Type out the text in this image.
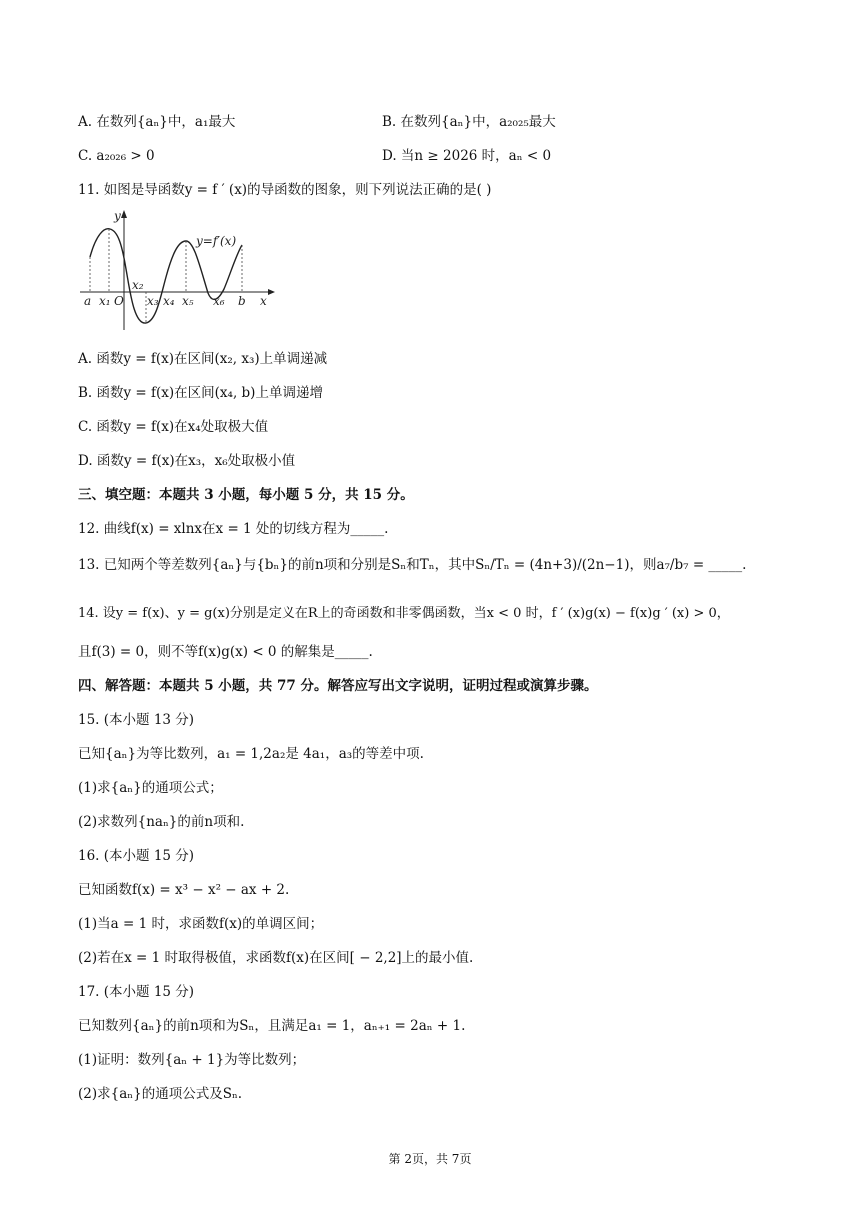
A. 在数列{aₙ}中，a₁最大	B. 在数列{aₙ}中，a₂₀₂₅最大
C. a₂₀₂₆ > 0	D. 当n ≥ 2026 时，aₙ < 0
11. 如图是导函数y = f ′ (x)的导函数的图象，则下列说法正确的是( )
y
x
y=f′(x)
a x₁ O
x₂
x₃ x₄ x₅ x₆ b
A. 函数y = f(x)在区间(x₂, x₃)上单调递减
B. 函数y = f(x)在区间(x₄, b)上单调递增
C. 函数y = f(x)在x₄处取极大值
D. 函数y = f(x)在x₃，x₆处取极小值
三、填空题：本题共 3 小题，每小题 5 分，共 15 分。
12. 曲线f(x) = xlnx在x = 1 处的切线方程为_____.
13. 已知两个等差数列{aₙ}与{bₙ}的前n项和分别是Sₙ和Tₙ，其中Sₙ/Tₙ = (4n+3)/(2n−1)，则a₇/b₇ = _____.
14. 设y = f(x)、y = g(x)分别是定义在R上的奇函数和非零偶函数，当x < 0 时，f ′ (x)g(x) − f(x)g ′ (x) > 0，
且f(3) = 0，则不等f(x)g(x) < 0 的解集是_____.
四、解答题：本题共 5 小题，共 77 分。解答应写出文字说明，证明过程或演算步骤。
15. (本小题 13 分)
已知{aₙ}为等比数列，a₁ = 1,2a₂是 4a₁，a₃的等差中项.
(1)求{aₙ}的通项公式；
(2)求数列{naₙ}的前n项和.
16. (本小题 15 分)
已知函数f(x) = x³ − x² − ax + 2.
(1)当a = 1 时，求函数f(x)的单调区间；
(2)若在x = 1 时取得极值，求函数f(x)在区间[ − 2,2]上的最小值.
17. (本小题 15 分)
已知数列{aₙ}的前n项和为Sₙ，且满足a₁ = 1，aₙ₊₁ = 2aₙ + 1.
(1)证明：数列{aₙ + 1}为等比数列；
(2)求{aₙ}的通项公式及Sₙ.
第 2页，共 7页
